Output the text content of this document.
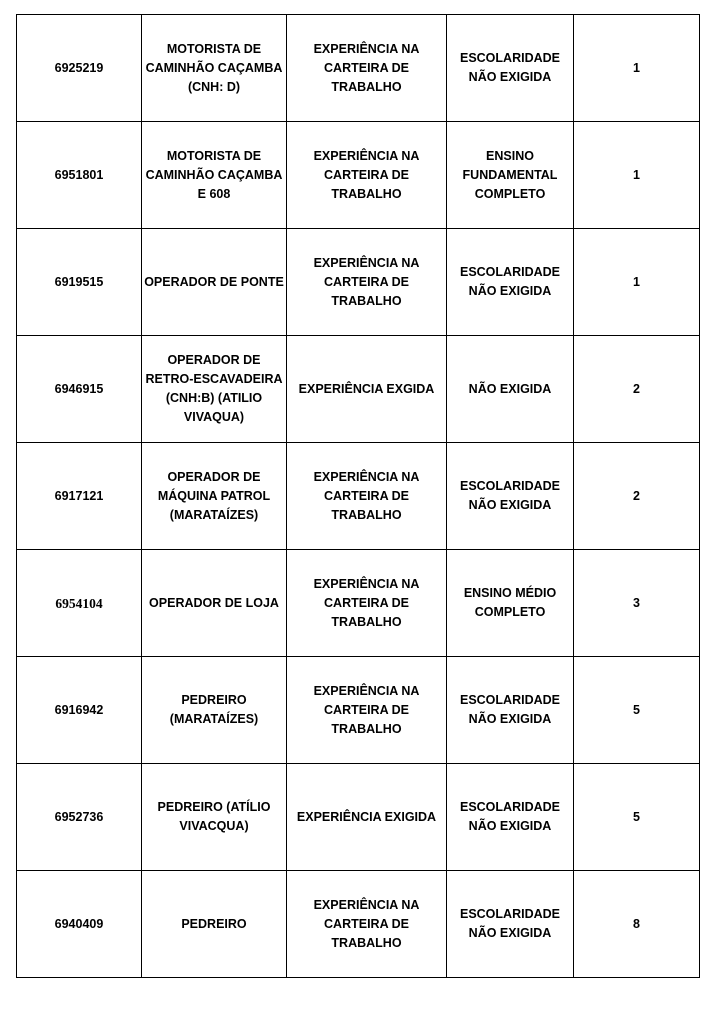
6925219	MOTORISTA DE CAMINHÃO CAÇAMBA (CNH: D)	EXPERIÊNCIA NA CARTEIRA DE TRABALHO	ESCOLARIDADE NÃO EXIGIDA	1
6951801	MOTORISTA DE CAMINHÃO CAÇAMBA E 608	EXPERIÊNCIA NA CARTEIRA DE TRABALHO	ENSINO FUNDAMENTAL COMPLETO	1
6919515	OPERADOR DE PONTE	EXPERIÊNCIA NA CARTEIRA DE TRABALHO	ESCOLARIDADE NÃO EXIGIDA	1
6946915	OPERADOR DE RETRO-ESCAVADEIRA (CNH:B) (ATILIO VIVAQUA)	EXPERIÊNCIA EXGIDA	NÃO EXIGIDA	2
6917121	OPERADOR DE MÁQUINA PATROL (MARATAÍZES)	EXPERIÊNCIA NA CARTEIRA DE TRABALHO	ESCOLARIDADE NÃO EXIGIDA	2
6954104	OPERADOR DE LOJA	EXPERIÊNCIA NA CARTEIRA DE TRABALHO	ENSINO MÉDIO COMPLETO	3
6916942	PEDREIRO (MARATAÍZES)	EXPERIÊNCIA NA CARTEIRA DE TRABALHO	ESCOLARIDADE NÃO EXIGIDA	5
6952736	PEDREIRO (ATÍLIO VIVACQUA)	EXPERIÊNCIA EXIGIDA	ESCOLARIDADE NÃO EXIGIDA	5
6940409	PEDREIRO	EXPERIÊNCIA NA CARTEIRA DE TRABALHO	ESCOLARIDADE NÃO EXIGIDA	8
